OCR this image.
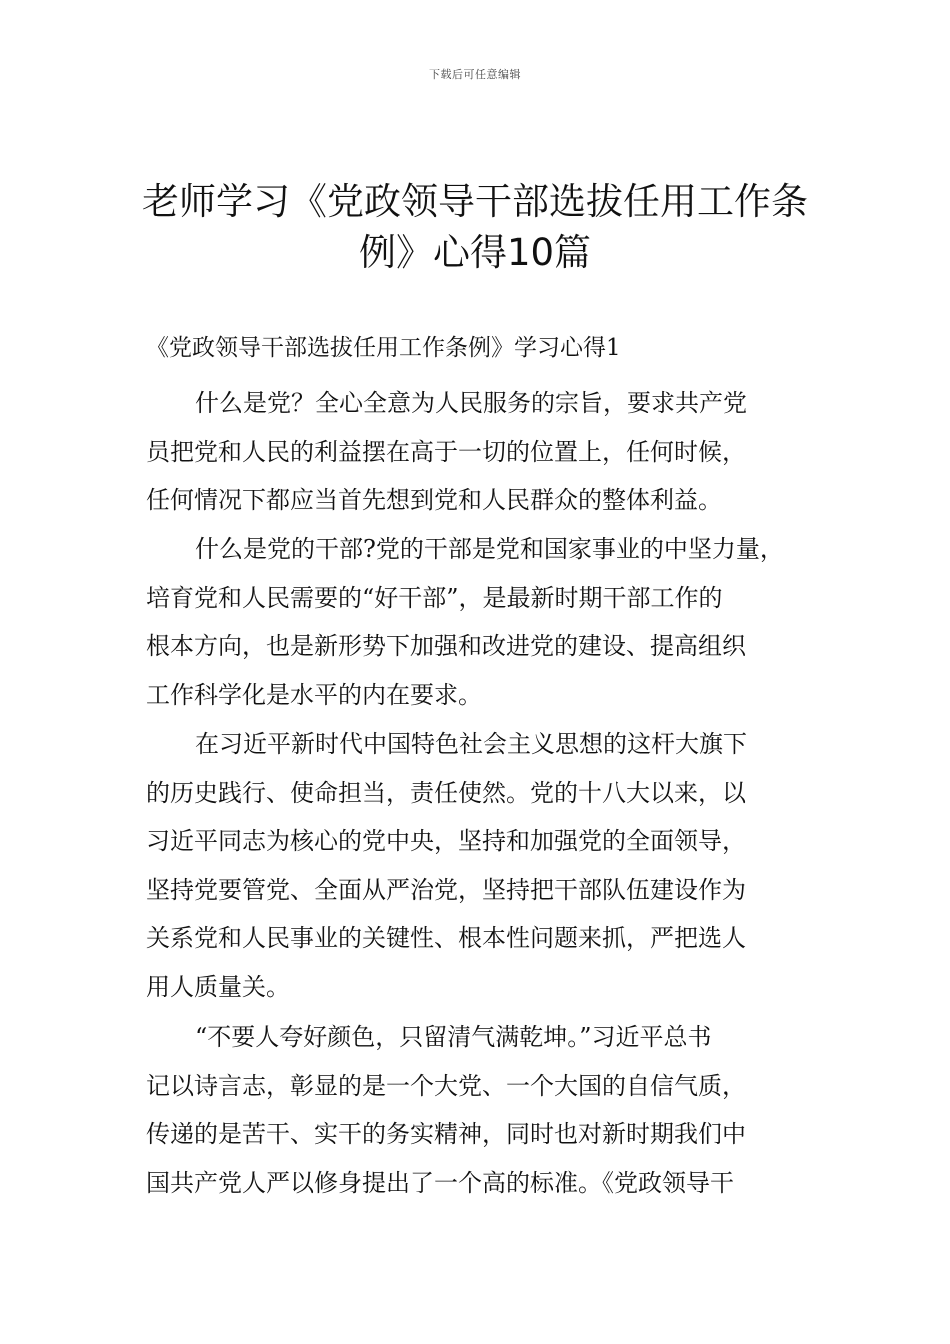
下载后可任意编辑
老师学习《党政领导干部选拔任用工作条
例》心得10篇
《党政领导干部选拔任用工作条例》学习心得1
什么是党？全心全意为人民服务的宗旨，要求共产党
员把党和人民的利益摆在高于一切的位置上，任何时候，
任何情况下都应当首先想到党和人民群众的整体利益。
什么是党的干部?党的干部是党和国家事业的中坚力量，
培育党和人民需要的“好干部”，是最新时期干部工作的
根本方向，也是新形势下加强和改进党的建设、提高组织
工作科学化是水平的内在要求。
在习近平新时代中国特色社会主义思想的这杆大旗下
的历史践行、使命担当，责任使然。党的十八大以来，以
习近平同志为核心的党中央，坚持和加强党的全面领导，
坚持党要管党、全面从严治党，坚持把干部队伍建设作为
关系党和人民事业的关键性、根本性问题来抓，严把选人
用人质量关。
“不要人夸好颜色，只留清气满乾坤。”习近平总书
记以诗言志，彰显的是一个大党、一个大国的自信气质，
传递的是苦干、实干的务实精神，同时也对新时期我们中
国共产党人严以修身提出了一个高的标准。《党政领导干
